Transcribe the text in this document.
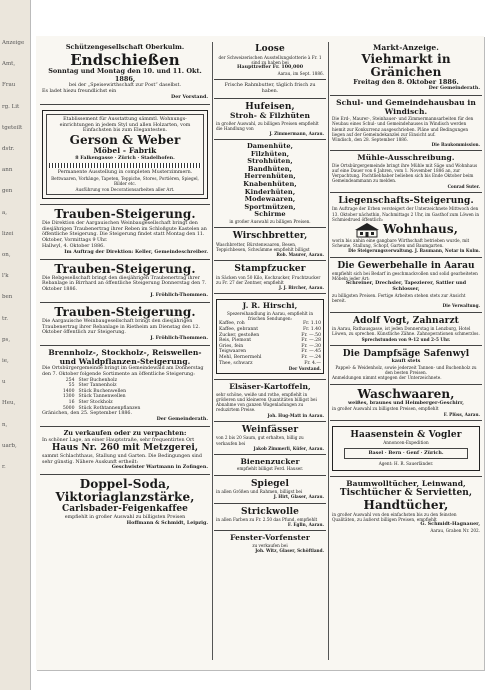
Anzeige
Amt,
Frau
rg. Lit
tgeteilt
dstr.
ann
gen
a,
lizei
on,
l'k
ben
tr.
ps,
ie,
u
Heu,
n,
uarb,
r.
Schützengesellschaft Oberkulm.
Endschießen
Sonntag und Montag den 10. und 11. Okt. 1886,
bei der „Speisewirthschaft zur Post“ daselbst.
Es ladet hiezu freundlichst ein
Der Vorstand.
Etablissement für Ausstattung sämmtl. Wohnungs-einrichtungen in jedem Styl und allen Holzarten, vom Einfachsten bis zum Elegantesten.
Gerson & Weber
Möbel - Fabrik
8 Falkengasse · Zürich · Stadelhofen.
Permanente Ausstellung in completen Musterzimmern.
Bettwaaren, Vorhänge, Tapeten, Teppiche, Stores, Portièren, Spiegel, Bilder etc.
Ausführung von Decorationsarbeiten aller Art.
Trauben-Steigerung.
Die Direktion der Aargauischen Weinbaugesellschaft bringt den diesjährigen Traubenertrag ihrer Reben im Schloßgute Kastelen an öffentliche Steigerung. Die Steigerung findet statt Montag den 11. Oktober, Vormittags 9 Uhr.
Hallwyl, 4. Oktober 1886.
Im Auftrag der Direktion: Keller, Gemeindeschreiber.
Trauben-Steigerung.
Die Rebgesellschaft bringt den diesjährigen Traubenertrag ihrer Rebanlage in Birrhard an öffentliche Steigerung Donnerstag den 7. Oktober 1886.
J. Fröhlich-Thommen.
Trauben-Steigerung.
Die Aargauische Weinbaugesellschaft bringt den diesjährigen Traubenertrag ihrer Rebanlage in Rietheim am Dienstag den 12. Oktober öffentlich zur Steigerung.
J. Fröhlich-Thommen.
Brennholz-, Stockholz-, Reiswellen- und Waldpflanzen-Steigerung.
Die Ortsbürgergemeinde bringt im Gemeindewald am Donnerstag den 7. Oktober folgende Sortimente an öffentliche Steigerung:
254	Ster Buchenholz
55	Ster Tannenholz
1400	Stück Buchenwellen
1300	Stück Tannenwellen
16	Ster Stockholz
5000	Stück Rothtannenpflanzen
Gränichen, den 25. September 1886.
Der Gemeinderath.
Zu verkaufen oder zu verpachten:
In schöner Lage, an einer Hauptstraße, sehr frequentirten Ort
Haus Nr. 260 mit Metzgerei,
sammt Schlachthaus, Stallung und Garten. Die Bedingungen sind sehr günstig. Nähere Auskunft ertheilt:
Geschwister Wartmann in Zofingen.
Doppel-Soda,
Viktoriaglanzstärke,
Carlsbader-Feigenkaffee
empfiehlt in großer Auswahl zu billigsten Preisen
Hoffmann & Schmidt, Leipzig.
Loose
der Schweizerischen Ausstellungslotterie à Fr. 1 sind zu haben bei
Haupttreffer Fr. 100,000
Aarau, im Sept. 1886.
Frische Rahmbutter, täglich frisch zu haben.
Hufeisen,
Stroh- & Filzhüten
in großer Auswahl, zu billigen Preisen empfiehlt die Handlung von
J. Zimmermann, Aarau.
Damenhüte,
Filzhüten,
Strohhüten,
Bandhüten,
Herrenhüten,
Knabenhüten,
Kinderhüten,
Modewaaren,
Sportmützen,
Schirme
in großer Auswahl zu billigen Preisen.
Wirschbretter,
Waschbretter, Bürstenwaaren, Besen, Teppichbesen, Schwämme empfiehlt billigst
Rob. Maurer, Aarau.
Stampfzucker
in Säcken von 50 Kilo, Kochzucker, Fruchtzucker zu Fr. 27 der Zentner, empfiehlt
J. J. Bircher, Aarau.
J. R. Hirschi,
Spezereihandlung in Aarau, empfiehlt in frischen Sendungen:
Kaffee, roh	Fr. 1.10
Kaffee, gebrannt	Fr. 1.40
Zucker, gestoßen	Fr. —.50
Reis, Piemont	Fr. —.28
Gries, fein	Fr. —.30
Teigwaaren	Fr. —.45
Mehl, Bernermehl	Fr. —.24
Thee, schwarz	Fr. 4.—
Der Vorstand.
Elsäser-Kartoffeln,
sehr schöne, weiße und rothe, empfiehlt in größeren und kleineren Quantitäten billigst bei Abnahme von ganzen Wagenladungen zu reduzirtem Preise.
Joh. Hug-Matt in Aarau.
Weinfässer
von 2 bis 20 Saum, gut erhalten, billig zu verkaufen bei
Jakob Zimmerli, Küfer, Aarau.
Bienenzucker
empfiehlt billigst Ferd. Hauser.
Spiegel
in allen Größen und Rahmen, billigst bei
J. Hirt, Glaser, Aarau.
Strickwolle
in allen Farben zu Fr. 2.50 das Pfund, empfiehlt
F. Eglin, Aarau.
Fenster-Vorfenster
zu verkaufen bei
Joh. Witz, Glaser, Schöftland.
Markt-Anzeige.
Viehmarkt in Gränichen
Freitag den 8. Oktober 1886.
Der Gemeinderath.
Schul- und Gemeindehausbau in Windisch.
Die Erd-, Maurer-, Steinhauer- und Zimmermannsarbeiten für den Neubau eines Schul- und Gemeindehauses in Windisch werden hiemit zur Konkurrenz ausgeschrieben. Pläne und Bedingungen liegen auf der Gemeindekanzlei zur Einsicht auf.
Windisch, den 28. September 1886.
Die Baukommission.
Mühle-Ausschreibung.
Die Ortsbürgergemeinde bringt ihre Mühle mit Säge und Wohnhaus auf eine Dauer von 6 Jahren, vom 1. November 1886 an, zur Verpachtung. Pachtliebhaber belieben sich bis Ende Oktober beim Gemeindeammann zu melden.
Conrad Suter.
Liegenschafts-Steigerung.
Im Auftrage der Erben versteigert der Unterzeichnete Mittwoch den 13. Oktober nächsthin, Nachmittags 2 Uhr, im Gasthof zum Löwen in Schmiedrued öffentlich:
Wohnhaus,
worin bis anhin eine gangbare Wirthschaft betrieben wurde, mit Scheune, Stallung, Schopf, Garten und Baumgarten.
Die Steigerungsverwaltung. J. Baumann, Notar in Kulm.
Die Gewerbehalle in Aarau
empfiehlt sich bei Bedarf in geschmackvollen und solid gearbeiteten Möbeln jeder Art:
Schreiner, Drechsler, Tapezierer, Sattler und Schlosser,
zu billigsten Preisen. Fertige Arbeiten stehen stets zur Ansicht bereit.
Die Verwaltung.
Adolf Vogt, Zahnarzt
in Aarau, Rathausgasse, ist jeden Donnerstag in Lenzburg, Hotel Löwen, zu sprechen. Künstliche Zähne. Zahnoperationen schmerzlos.
Sprechstunden von 9–12 und 2–5 Uhr.
Die Dampfsäge Safenwyl
kauft stets
Pappel- & Weidenholz, sowie jederzeit Tannen- und Buchenholz zu den besten Preisen.
Anmeldungen nimmt entgegen der Unterzeichnete.
Waschwaaren,
weißes, braunes und Heimberger-Geschirr,
in großer Auswahl zu billigsten Preisen, empfiehlt
F. Plüss, Aarau.
Haasenstein & Vogler
Annoncen-Expedition
Basel · Bern · Genf · Zürich.
Agent: H. R. Sauerländer.
Baumwolltücher, Leinwand,
Tischtücher & Servietten,
Handtücher,
in großer Auswahl von den einfachsten bis zu den feinsten Qualitäten, zu äußerst billigen Preisen, empfiehlt
G. Schmidt-Hagnauer,
Aarau, Graben Nr. 202.
